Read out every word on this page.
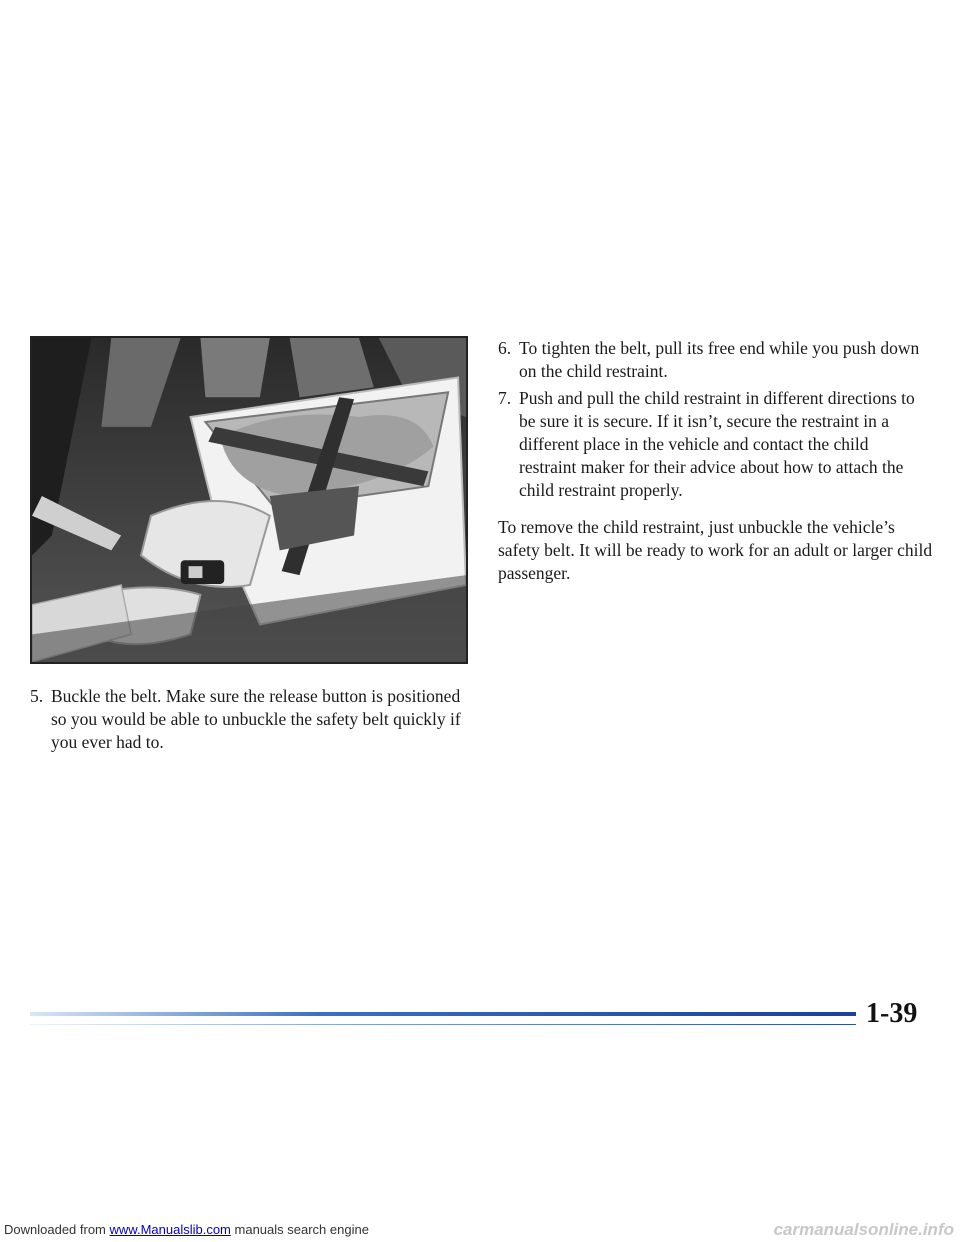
5. Buckle the belt. Make sure the release button is positioned so you would be able to unbuckle the safety belt quickly if you ever had to.
6. To tighten the belt, pull its free end while you push down on the child restraint.
7. Push and pull the child restraint in different directions to be sure it is secure. If it isn’t, secure the restraint in a different place in the vehicle and contact the child restraint maker for their advice about how to attach the child restraint properly.

To remove the child restraint, just unbuckle the vehicle’s safety belt. It will be ready to work for an adult or larger child passenger.

1-39
Downloaded from www.Manualslib.com manuals search engine	carmanualsonline.info
